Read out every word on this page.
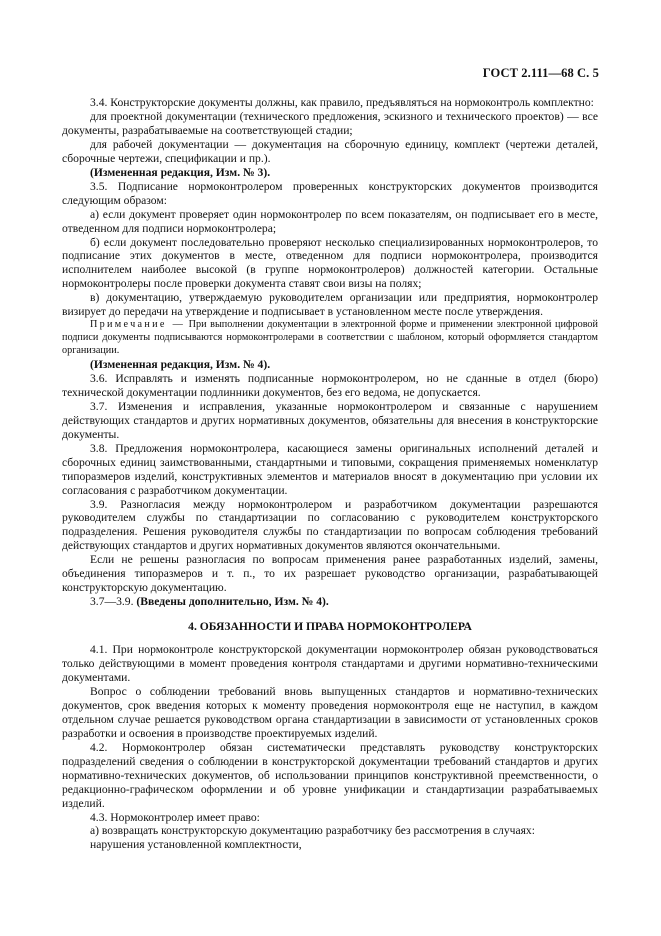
ГОСТ 2.111—68 С. 5

3.4. Конструкторские документы должны, как правило, предъявляться на нормоконтроль комплектно:

для проектной документации (технического предложения, эскизного и технического проектов) — все документы, разрабатываемые на соответствующей стадии;

для рабочей документации — документация на сборочную единицу, комплект (чертежи деталей, сборочные чертежи, спецификации и пр.).

(Измененная редакция, Изм. № 3).

3.5. Подписание нормоконтролером проверенных конструкторских документов производится следующим образом:

а) если документ проверяет один нормоконтролер по всем показателям, он подписывает его в месте, отведенном для подписи нормоконтролера;

б) если документ последовательно проверяют несколько специализированных нормоконтролеров, то подписание этих документов в месте, отведенном для подписи нормоконтролера, производится исполнителем наиболее высокой (в группе нормоконтролеров) должностей категории. Остальные нормоконтролеры после проверки документа ставят свои визы на полях;

в) документацию, утверждаемую руководителем организации или предприятия, нормоконтролер визирует до передачи на утверждение и подписывает в установленном месте после утверждения.

Примечание — При выполнении документации в электронной форме и применении электронной цифровой подписи документы подписываются нормоконтролерами в соответствии с шаблоном, который оформляется стандартом организации.

(Измененная редакция, Изм. № 4).

3.6. Исправлять и изменять подписанные нормоконтролером, но не сданные в отдел (бюро) технической документации подлинники документов, без его ведома, не допускается.

3.7. Изменения и исправления, указанные нормоконтролером и связанные с нарушением действующих стандартов и других нормативных документов, обязательны для внесения в конструкторские документы.

3.8. Предложения нормоконтролера, касающиеся замены оригинальных исполнений деталей и сборочных единиц заимствованными, стандартными и типовыми, сокращения применяемых номенклатур типоразмеров изделий, конструктивных элементов и материалов вносят в документацию при условии их согласования с разработчиком документации.

3.9. Разногласия между нормоконтролером и разработчиком документации разрешаются руководителем службы по стандартизации по согласованию с руководителем конструкторского подразделения. Решения руководителя службы по стандартизации по вопросам соблюдения требований действующих стандартов и других нормативных документов являются окончательными.

Если не решены разногласия по вопросам применения ранее разработанных изделий, замены, объединения типоразмеров и т. п., то их разрешает руководство организации, разрабатывающей конструкторскую документацию.

3.7—3.9. (Введены дополнительно, Изм. № 4).

4. ОБЯЗАННОСТИ И ПРАВА НОРМОКОНТРОЛЕРА

4.1. При нормоконтроле конструкторской документации нормоконтролер обязан руководствоваться только действующими в момент проведения контроля стандартами и другими нормативно-техническими документами.

Вопрос о соблюдении требований вновь выпущенных стандартов и нормативно-технических документов, срок введения которых к моменту проведения нормоконтроля еще не наступил, в каждом отдельном случае решается руководством органа стандартизации в зависимости от установленных сроков разработки и освоения в производстве проектируемых изделий.

4.2. Нормоконтролер обязан систематически представлять руководству конструкторских подразделений сведения о соблюдении в конструкторской документации требований стандартов и других нормативно-технических документов, об использовании принципов конструктивной преемственности, о редакционно-графическом оформлении и об уровне унификации и стандартизации разрабатываемых изделий.

4.3. Нормоконтролер имеет право:

а) возвращать конструкторскую документацию разработчику без рассмотрения в случаях:

нарушения установленной комплектности,
